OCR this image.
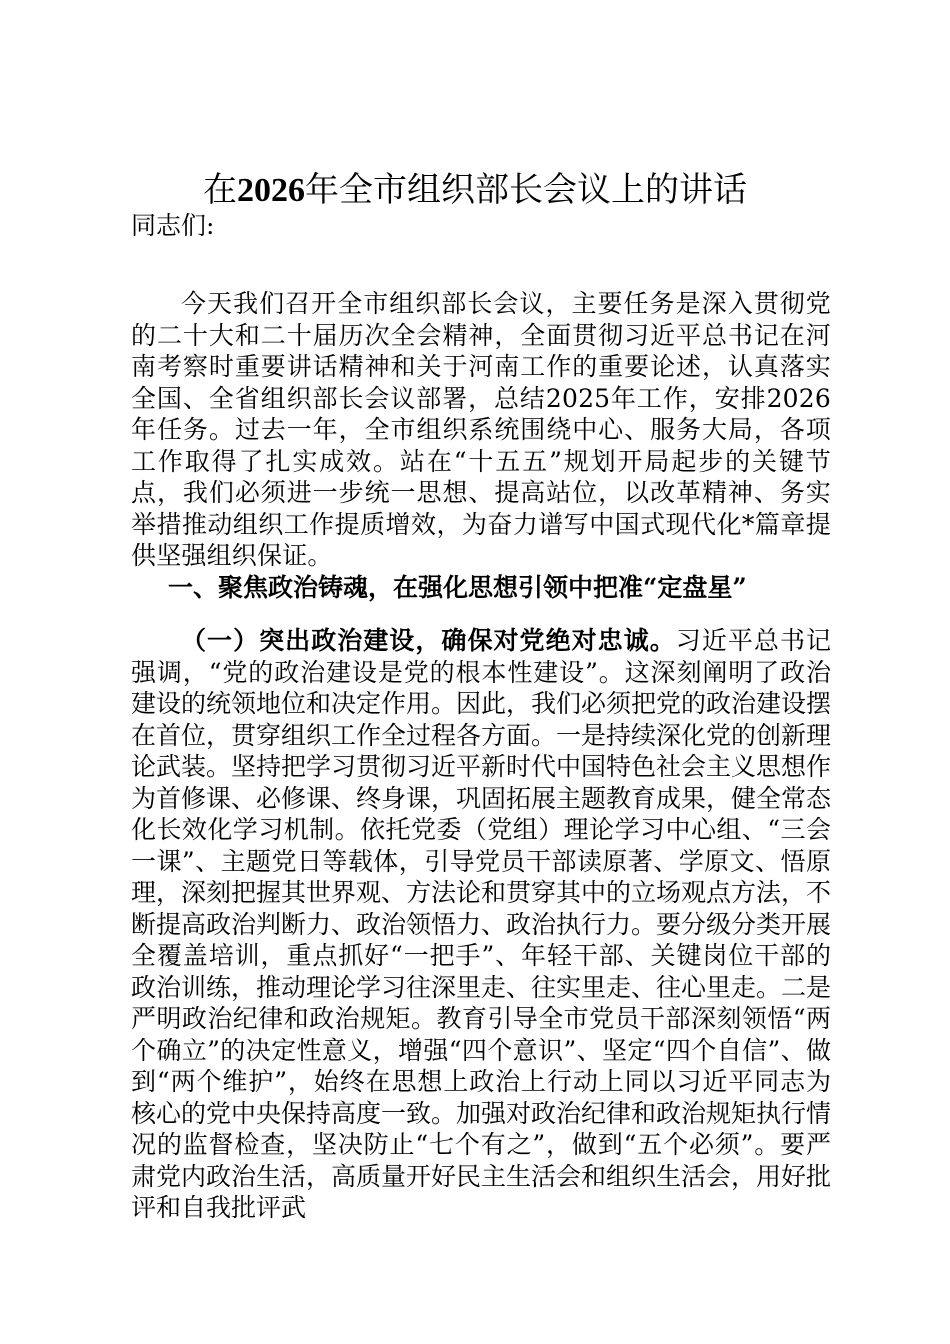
在2026年全市组织部长会议上的讲话

同志们:

今天我们召开全市组织部长会议，主要任务是深入贯彻党的二十大和二十届历次全会精神，全面贯彻习近平总书记在河南考察时重要讲话精神和关于河南工作的重要论述，认真落实全国、全省组织部长会议部署，总结2025年工作，安排2026年任务。过去一年，全市组织系统围绕中心、服务大局，各项工作取得了扎实成效。站在“十五五”规划开局起步的关键节点，我们必须进一步统一思想、提高站位，以改革精神、务实举措推动组织工作提质增效，为奋力谱写中国式现代化*篇章提供坚强组织保证。

一、聚焦政治铸魂，在强化思想引领中把准“定盘星”

（一）突出政治建设，确保对党绝对忠诚。习近平总书记强调，“党的政治建设是党的根本性建设”。这深刻阐明了政治建设的统领地位和决定作用。因此，我们必须把党的政治建设摆在首位，贯穿组织工作全过程各方面。一是持续深化党的创新理论武装。坚持把学习贯彻习近平新时代中国特色社会主义思想作为首修课、必修课、终身课，巩固拓展主题教育成果，健全常态化长效化学习机制。依托党委（党组）理论学习中心组、“三会一课”、主题党日等载体，引导党员干部读原著、学原文、悟原理，深刻把握其世界观、方法论和贯穿其中的立场观点方法，不断提高政治判断力、政治领悟力、政治执行力。要分级分类开展全覆盖培训，重点抓好“一把手”、年轻干部、关键岗位干部的政治训练，推动理论学习往深里走、往实里走、往心里走。二是严明政治纪律和政治规矩。教育引导全市党员干部深刻领悟“两个确立”的决定性意义，增强“四个意识”、坚定“四个自信”、做到“两个维护”，始终在思想上政治上行动上同以习近平同志为核心的党中央保持高度一致。加强对政治纪律和政治规矩执行情况的监督检查，坚决防止“七个有之”，做到“五个必须”。要严肃党内政治生活，高质量开好民主生活会和组织生活会，用好批评和自我批评武
